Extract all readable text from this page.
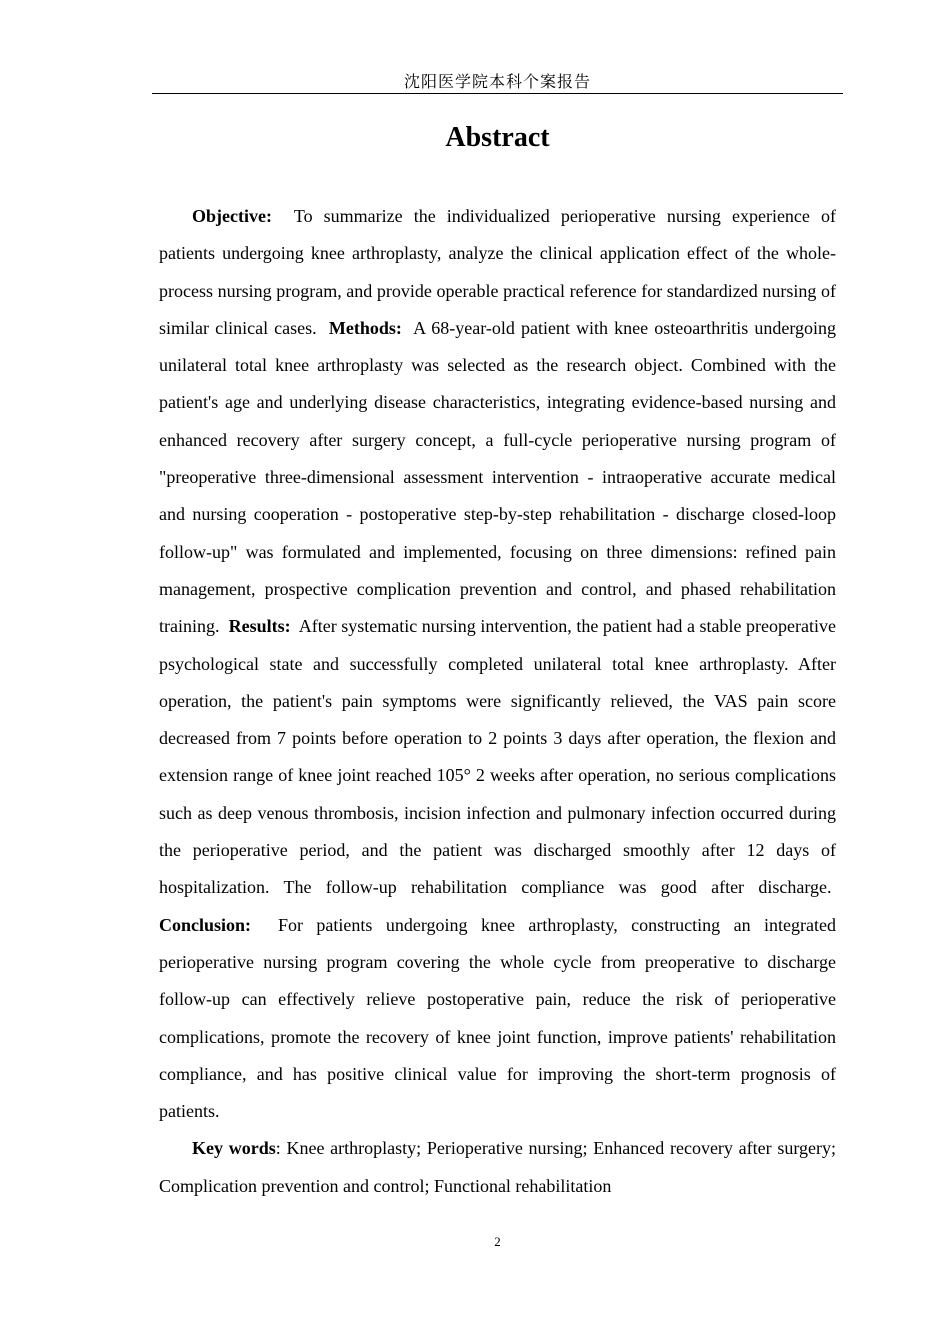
沈阳医学院本科个案报告
Abstract

Objective: To summarize the individualized perioperative nursing experience of patients undergoing knee arthroplasty, analyze the clinical application effect of the whole-process nursing program, and provide operable practical reference for standardized nursing of similar clinical cases. Methods: A 68-year-old patient with knee osteoarthritis undergoing unilateral total knee arthroplasty was selected as the research object. Combined with the patient's age and underlying disease characteristics, integrating evidence-based nursing and enhanced recovery after surgery concept, a full-cycle perioperative nursing program of "preoperative three-dimensional assessment intervention - intraoperative accurate medical and nursing cooperation - postoperative step-by-step rehabilitation - discharge closed-loop follow-up" was formulated and implemented, focusing on three dimensions: refined pain management, prospective complication prevention and control, and phased rehabilitation training. Results: After systematic nursing intervention, the patient had a stable preoperative psychological state and successfully completed unilateral total knee arthroplasty. After operation, the patient's pain symptoms were significantly relieved, the VAS pain score decreased from 7 points before operation to 2 points 3 days after operation, the flexion and extension range of knee joint reached 105° 2 weeks after operation, no serious complications such as deep venous thrombosis, incision infection and pulmonary infection occurred during the perioperative period, and the patient was discharged smoothly after 12 days of hospitalization. The follow-up rehabilitation compliance was good after discharge.  Conclusion: For patients undergoing knee arthroplasty, constructing an integrated perioperative nursing program covering the whole cycle from preoperative to discharge follow-up can effectively relieve postoperative pain, reduce the risk of perioperative complications, promote the recovery of knee joint function, improve patients' rehabilitation compliance, and has positive clinical value for improving the short-term prognosis of patients.

Key words: Knee arthroplasty; Perioperative nursing; Enhanced recovery after surgery; Complication prevention and control; Functional rehabilitation

2
